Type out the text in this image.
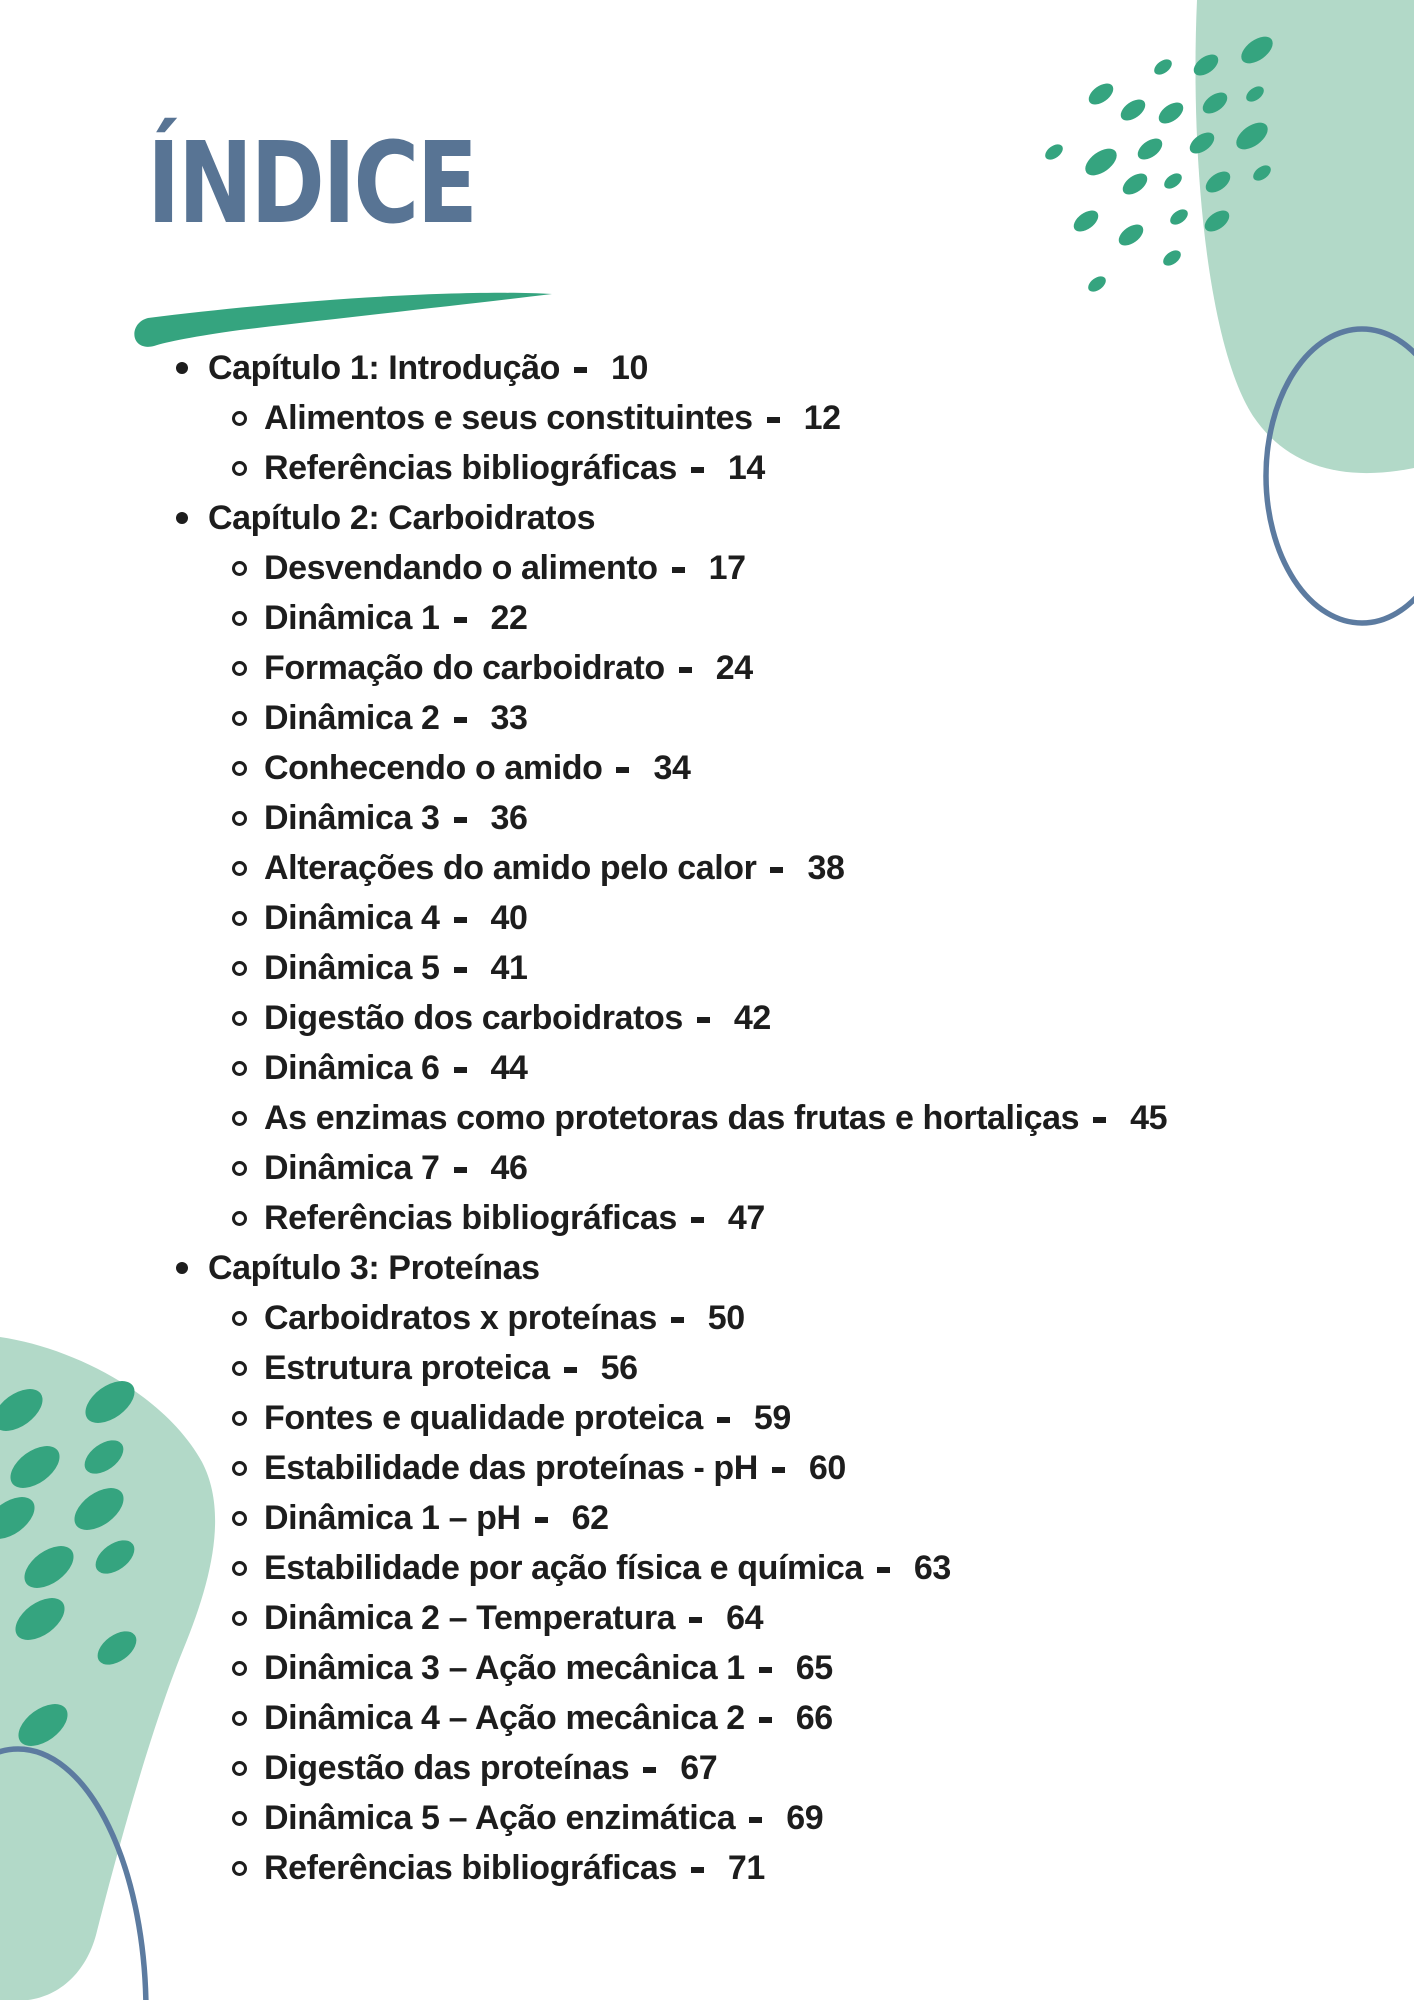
ÍNDICE
Capítulo 1: Introdução 10
Alimentos e seus constituintes 12
Referências bibliográficas 14
Capítulo 2: Carboidratos
Desvendando o alimento 17
Dinâmica 1 22
Formação do carboidrato 24
Dinâmica 2 33
Conhecendo o amido 34
Dinâmica 3 36
Alterações do amido pelo calor 38
Dinâmica 4 40
Dinâmica 5 41
Digestão dos carboidratos 42
Dinâmica 6 44
As enzimas como protetoras das frutas e hortaliças 45
Dinâmica 7 46
Referências bibliográficas 47
Capítulo 3: Proteínas
Carboidratos x proteínas 50
Estrutura proteica 56
Fontes e qualidade proteica 59
Estabilidade das proteínas - pH 60
Dinâmica 1 – pH 62
Estabilidade por ação física e química 63
Dinâmica 2 – Temperatura 64
Dinâmica 3 – Ação mecânica 1 65
Dinâmica 4 – Ação mecânica 2 66
Digestão das proteínas 67
Dinâmica 5 – Ação enzimática 69
Referências bibliográficas 71
